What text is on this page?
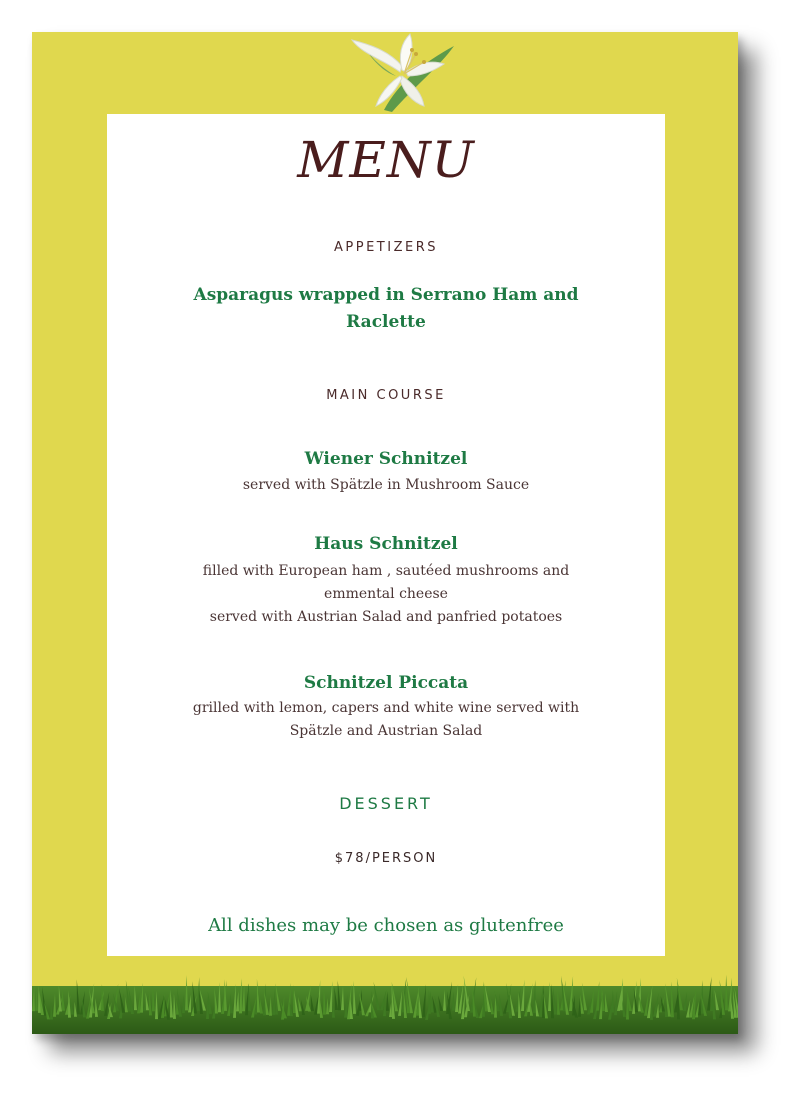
MENU
APPETIZERS
Asparagus wrapped in Serrano Ham and
Raclette
MAIN COURSE
Wiener Schnitzel
served with Spätzle in Mushroom Sauce
Haus Schnitzel
filled with European ham , sautéed mushrooms and
emmental cheese
served with Austrian Salad and panfried potatoes
Schnitzel Piccata
grilled with lemon, capers and white wine served with
Spätzle and Austrian Salad
DESSERT
$78/PERSON
All dishes may be chosen as glutenfree
